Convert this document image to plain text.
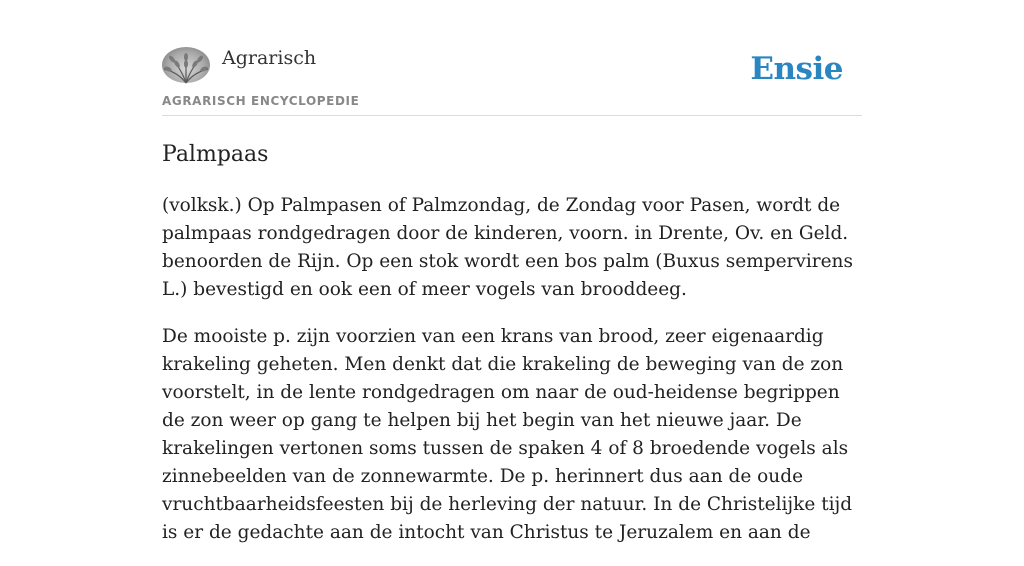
Agrarisch
AGRARISCH ENCYCLOPEDIE
Ensie
Palmpaas

(volksk.) Op Palmpasen of Palmzondag, de Zondag voor Pasen, wordt de palmpaas rondgedragen door de kinderen, voorn. in Drente, Ov. en Geld. benoorden de Rijn. Op een stok wordt een bos palm (Buxus sempervirens L.) bevestigd en ook een of meer vogels van brooddeeg.

De mooiste p. zijn voorzien van een krans van brood, zeer eigenaardig krakeling geheten. Men denkt dat die krakeling de beweging van de zon voorstelt, in de lente rondgedragen om naar de oud-heidense begrippen de zon weer op gang te helpen bij het begin van het nieuwe jaar. De krakelingen vertonen soms tussen de spaken 4 of 8 broedende vogels als zinnebeelden van de zonnewarmte. De p. herinnert dus aan de oude vruchtbaarheidsfeesten bij de herleving der natuur. In de Christelijke tijd is er de gedachte aan de intocht van Christus te Jeruzalem en aan de
